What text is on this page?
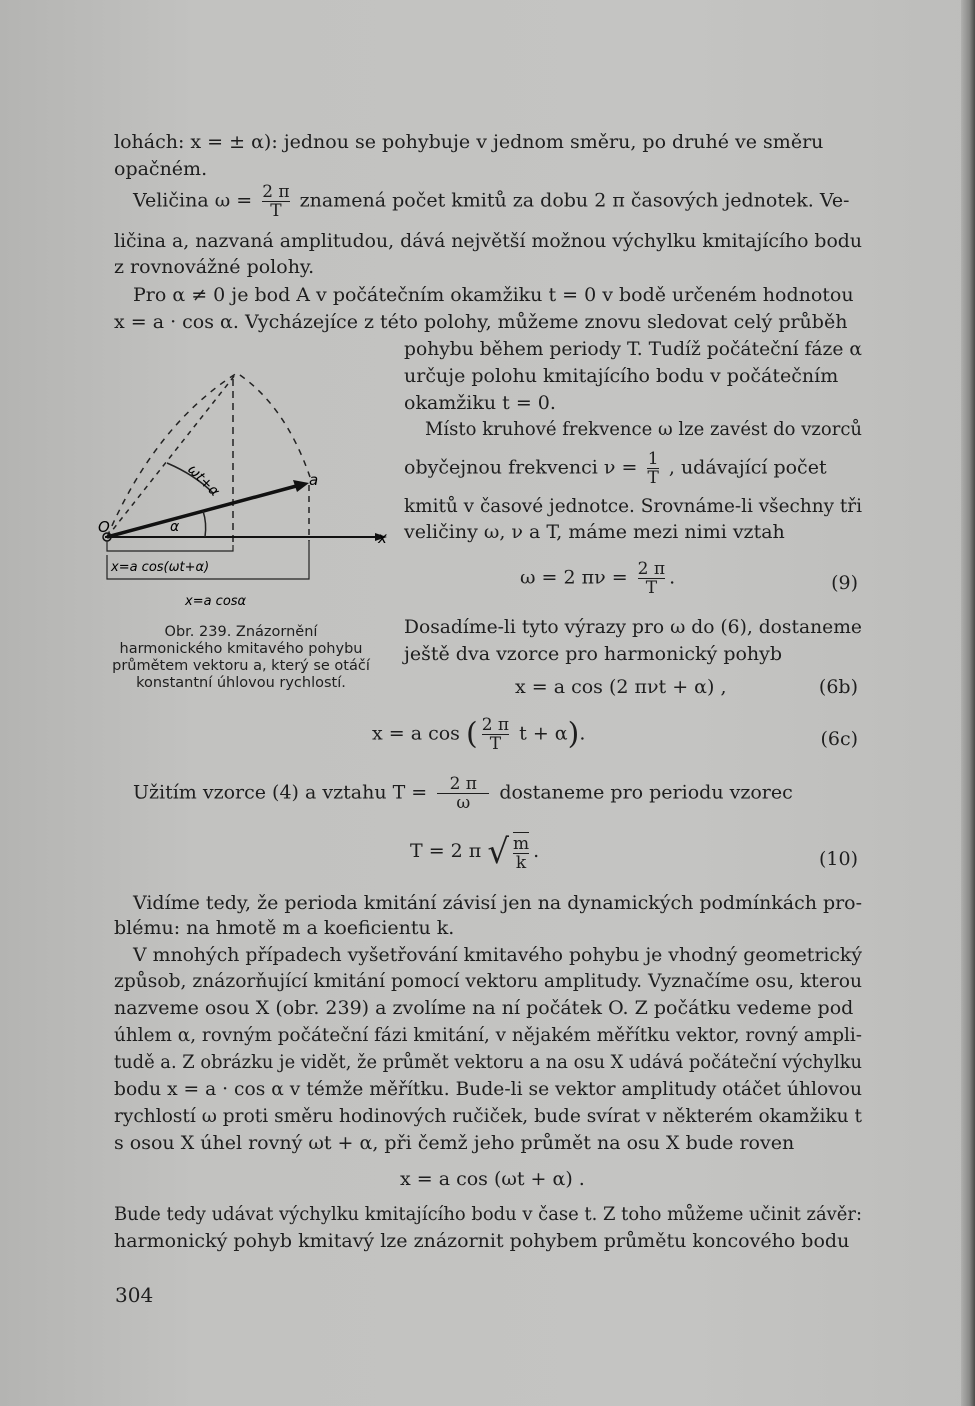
lohách: x = ± α): jednou se pohybuje v jednom směru, po druhé ve směru
opačném.
Veličina $\omega = \frac{2 \pi}{T}$ znamená počet kmitů za dobu 2 π časových jednotek. Ve-
ličina a, nazvaná amplitudou, dává největší možnou výchylku kmitajícího bodu
z rovnovážné polohy.
Pro α ≠ 0 je bod A v počátečním okamžiku t = 0 v bodě určeném hodnotou
x = a · cos α. Vycházejíce z této polohy, můžeme znovu sledovat celý průběh
pohybu během periody T. Tudíž počáteční fáze α
určuje polohu kmitajícího bodu v počátečním
okamžiku t = 0.
Místo kruhové frekvence ω lze zavést do vzorců
obyčejnou frekvenci $\nu = \frac{1}{T}$ , udávající počet
kmitů v časové jednotce. Srovnáme-li všechny tři
veličiny ω, ν a T, máme mezi nimi vztah
ω = 2 $\pi\nu = \frac{2 \pi}{T}$ .	(9)
Dosadíme-li tyto výrazy pro ω do (6), dostaneme
ještě dva vzorce pro harmonický pohyb
x = a cos (2 πνt + α) ,	(6b)
O
x
a
α
ωt+α
x=a cos(ωt+α)
x=a cosα
Obr. 239. Znázornění harmonického kmitavého pohybu průmětem vektoru a, který se otáčí konstantní úhlovou rychlostí.
x = a cos ( $\frac{2 \pi}{T}$ t + α).	(6c)
Užitím vzorce (4) a vztahu $T = \frac{2 \pi}{\omega}$ dostaneme pro periodu vzorec
T = 2 π √ $\frac{m}{k}$ .	(10)
Vidíme tedy, že perioda kmitání závisí jen na dynamických podmínkách pro-
blému: na hmotě m a koeficientu k.
V mnohých případech vyšetřování kmitavého pohybu je vhodný geometrický
způsob, znázorňující kmitání pomocí vektoru amplitudy. Vyznačíme osu, kterou
nazveme osou X (obr. 239) a zvolíme na ní počátek O. Z počátku vedeme pod
úhlem α, rovným počáteční fázi kmitání, v nějakém měřítku vektor, rovný ampli-
tudě a. Z obrázku je vidět, že průmět vektoru a na osu X udává počáteční výchylku
bodu x = a · cos α v témže měřítku. Bude-li se vektor amplitudy otáčet úhlovou
rychlostí ω proti směru hodinových ručiček, bude svírat v některém okamžiku t
s osou X úhel rovný ωt + α, při čemž jeho průmět na osu X bude roven
x = a cos (ωt + α) .
Bude tedy udávat výchylku kmitajícího bodu v čase t. Z toho můžeme učinit závěr:
harmonický pohyb kmitavý lze znázornit pohybem průmětu koncového bodu
304
